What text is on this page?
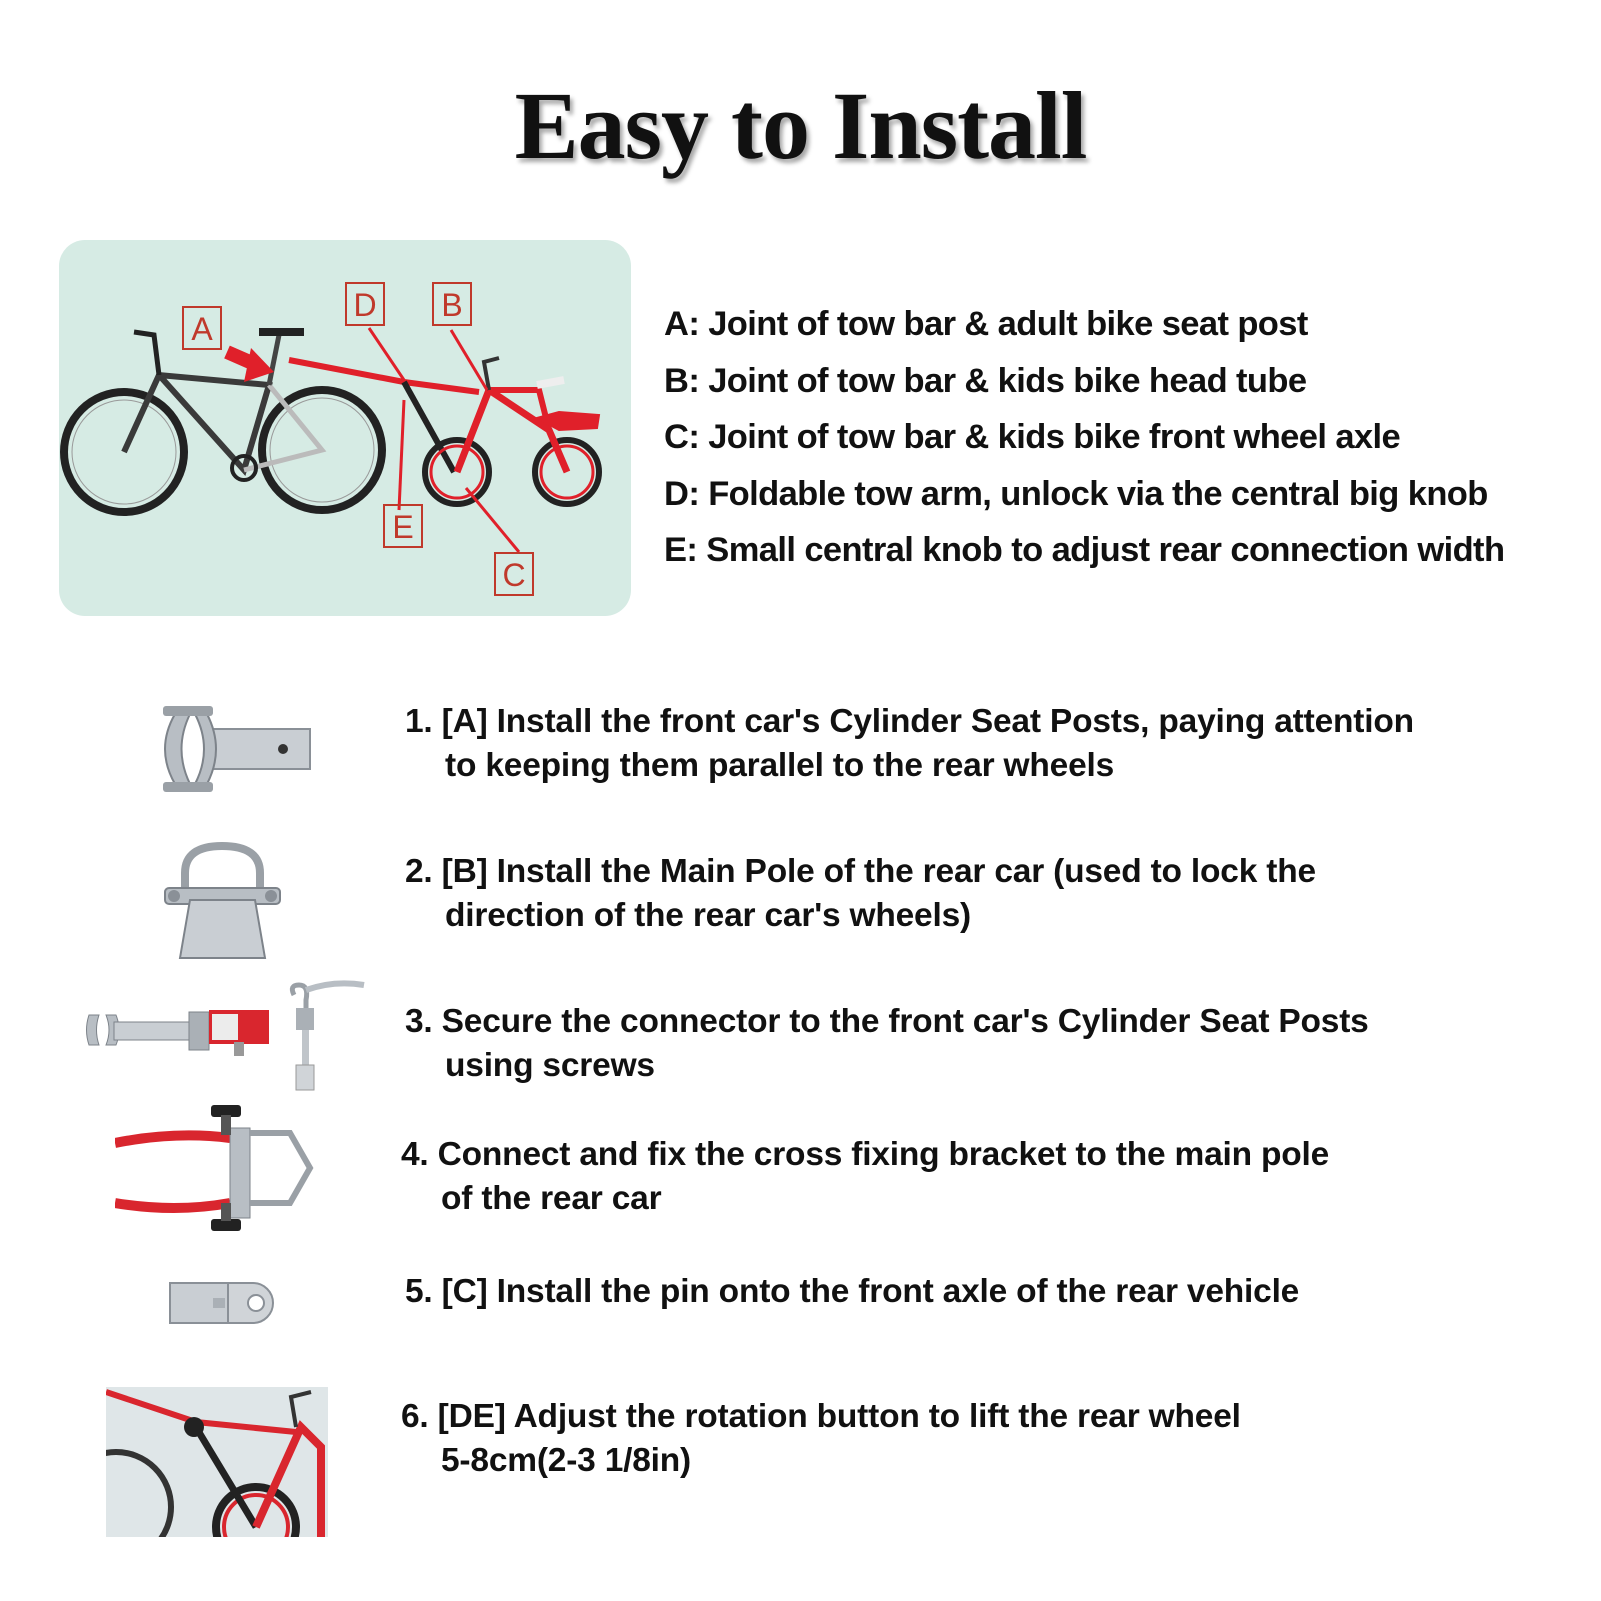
Easy to Install
A
D B
E
C
A: Joint of tow bar & adult bike seat post
B: Joint of tow bar & kids bike head tube
C: Joint of tow bar & kids bike front wheel axle
D: Foldable tow arm, unlock via the central big knob
E: Small central knob to adjust rear connection width
1. [A] Install the front car's Cylinder Seat Posts, paying attention
to keeping them parallel to the rear wheels
2. [B] Install the Main Pole of the rear car (used to lock the
direction of the rear car's wheels)
3. Secure the connector to the front car's Cylinder Seat Posts
using screws
4. Connect and fix the cross fixing bracket to the main pole
of the rear car
5. [C] Install the pin onto the front axle of the rear vehicle
6. [DE] Adjust the rotation button to lift the rear wheel
5-8cm(2-3 1/8in)
